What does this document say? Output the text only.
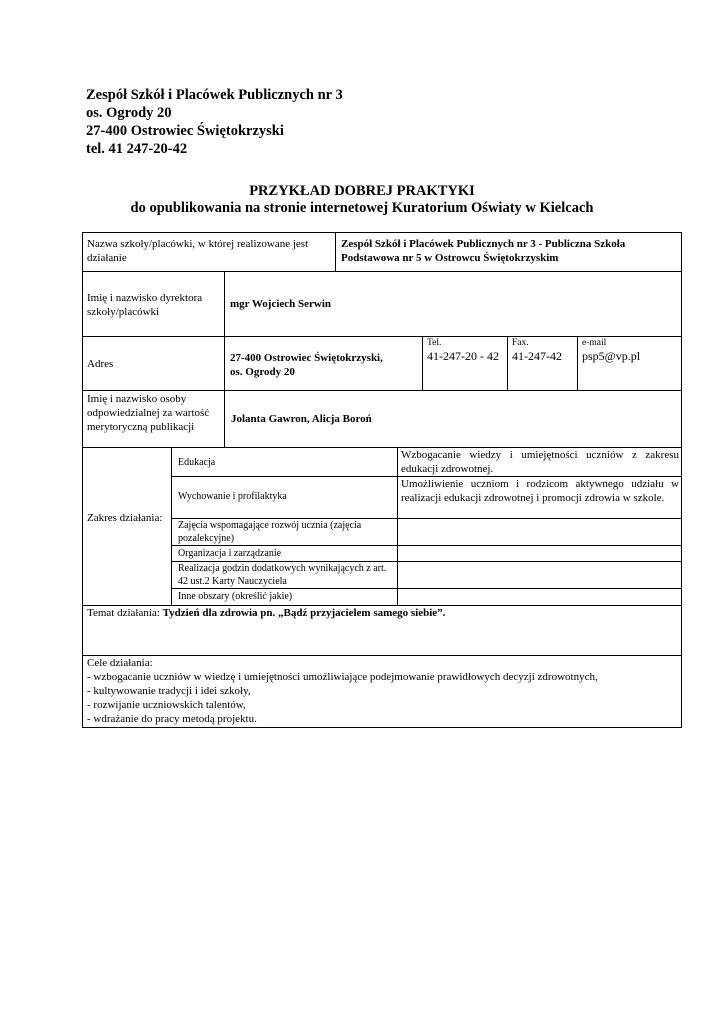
Zespół Szkół i Placówek Publicznych nr 3
os. Ogrody 20
27-400 Ostrowiec Świętokrzyski
tel. 41 247-20-42
PRZYKŁAD DOBREJ PRAKTYKI
do opublikowania na stronie internetowej Kuratorium Oświaty w Kielcach
Nazwa szkoły/placówki, w której realizowane jest działanie
Zespół Szkół i Placówek Publicznych nr 3 - Publiczna Szkoła Podstawowa nr 5 w Ostrowcu Świętokrzyskim
Imię i nazwisko dyrektora szkoły/placówki
mgr Wojciech Serwin
Adres	27-400 Ostrowiec Świętokrzyski,
os. Ogrody 20
Tel.
41-247-20 - 42
Fax.
41-247-42
e-mail
psp5@vp.pl
Imię i nazwisko osoby odpowiedzialnej za wartość merytoryczną publikacji
Jolanta Gawron, Alicja Boroń
Zakres działania:
Edukacja
Wzbogacanie wiedzy i umiejętności uczniów z zakresu edukacji zdrowotnej.
Wychowanie i profilaktyka
Umożliwienie uczniom i rodzicom aktywnego udziału w realizacji edukacji zdrowotnej i promocji zdrowia w szkole.
Zajęcia wspomagające rozwój ucznia (zajęcia pozalekcyjne)
Organizacja i zarządzanie
Realizacja godzin dodatkowych wynikających z art. 42 ust.2 Karty Nauczyciela
Inne obszary (określić jakie)
Temat działania: Tydzień dla zdrowia pn. „Bądź przyjacielem samego siebie”.
Cele działania:
- wzbogacanie uczniów w wiedzę i umiejętności umożliwiające podejmowanie prawidłowych decyzji zdrowotnych,
- kultywowanie tradycji i idei szkoły,
- rozwijanie uczniowskich talentów,
- wdrażanie do pracy metodą projektu.
